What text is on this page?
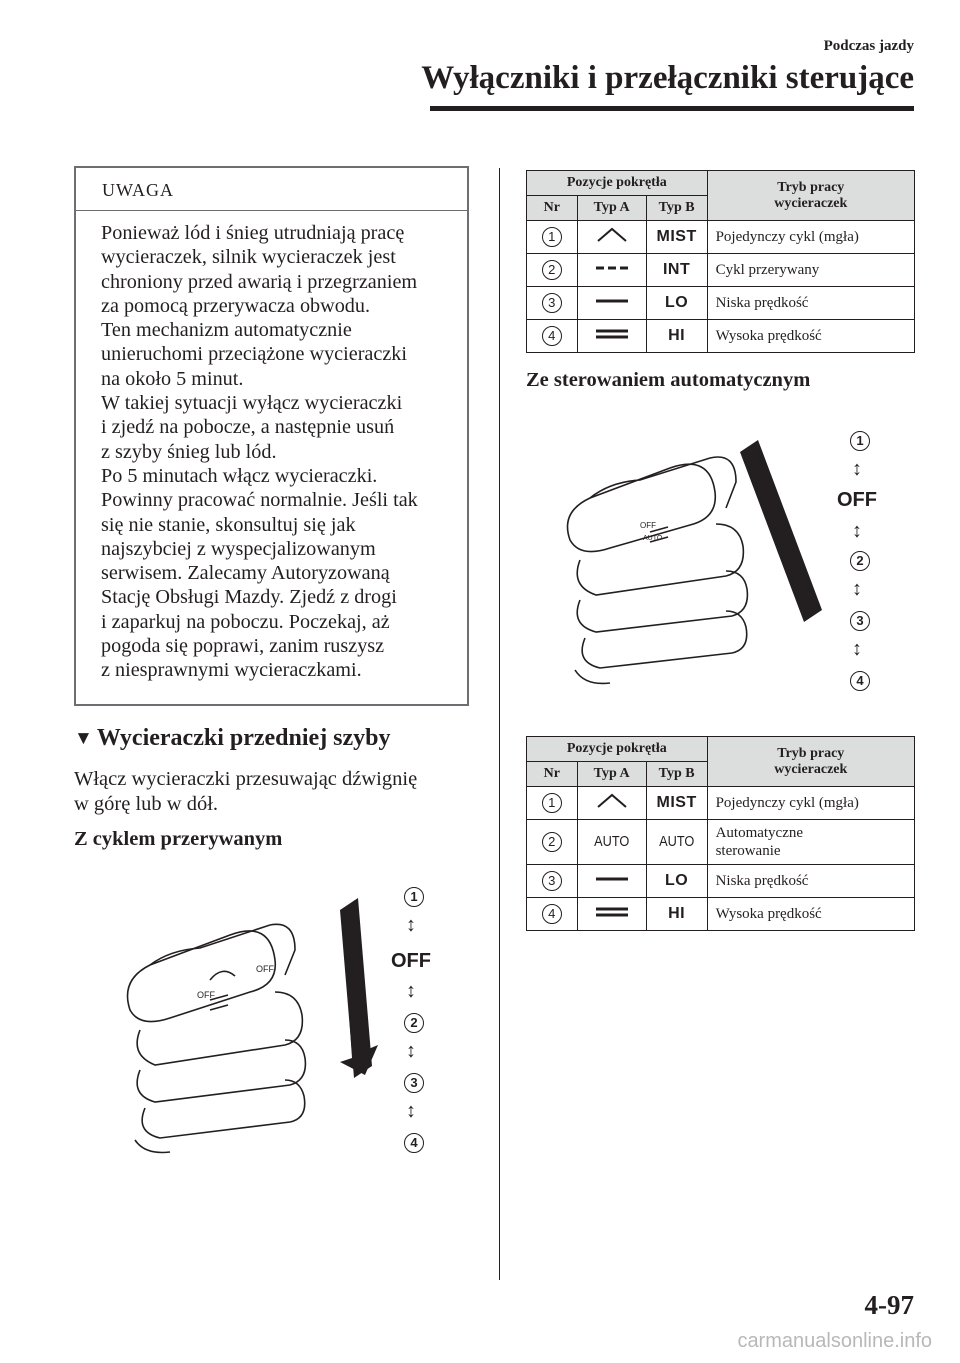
Podczas jazdy
Wyłączniki i przełączniki sterujące
UWAGA
Ponieważ lód i śnieg utrudniają pracę
wycieraczek, silnik wycieraczek jest
chroniony przed awarią i przegrzaniem
za pomocą przerywacza obwodu.
Ten mechanizm automatycznie
unieruchomi przeciążone wycieraczki
na około 5 minut.
W takiej sytuacji wyłącz wycieraczki
i zjedź na pobocze, a następnie usuń
z szyby śnieg lub lód.
Po 5 minutach włącz wycieraczki.
Powinny pracować normalnie. Jeśli tak
się nie stanie, skonsultuj się jak
najszybciej z wyspecjalizowanym
serwisem. Zalecamy Autoryzowaną
Stację Obsługi Mazdy. Zjedź z drogi
i zaparkuj na poboczu. Poczekaj, aż
pogoda się poprawi, zanim ruszysz
z niesprawnymi wycieraczkami.
▼ Wycieraczki przedniej szyby
Włącz wycieraczki przesuwając dźwignię
w górę lub w dół.
Z cyklem przerywanym
OFF
OFF
1
↕
OFF
↕
2
↕
3
↕
4
Pozycje pokrętła			Tryb pracy
wycieraczek

Nr	Typ A	Typ B	
1		MIST	Pojedynczy cykl (mgła)
2		INT	Cykl przerywany
3		LO	Niska prędkość
4		HI	Wysoka prędkość
Ze sterowaniem automatycznym
AUTO
OFF
1
↕
OFF
↕
2
↕
3
↕
4
Pozycje pokrętła			Tryb pracy
wycieraczek

Nr	Typ A	Typ B	
1		MIST	Pojedynczy cykl (mgła)
2	AUTO	AUTO	Automatyczne
sterowanie

3		LO	Niska prędkość
4		HI	Wysoka prędkość
4-97
carmanualsonline.info
